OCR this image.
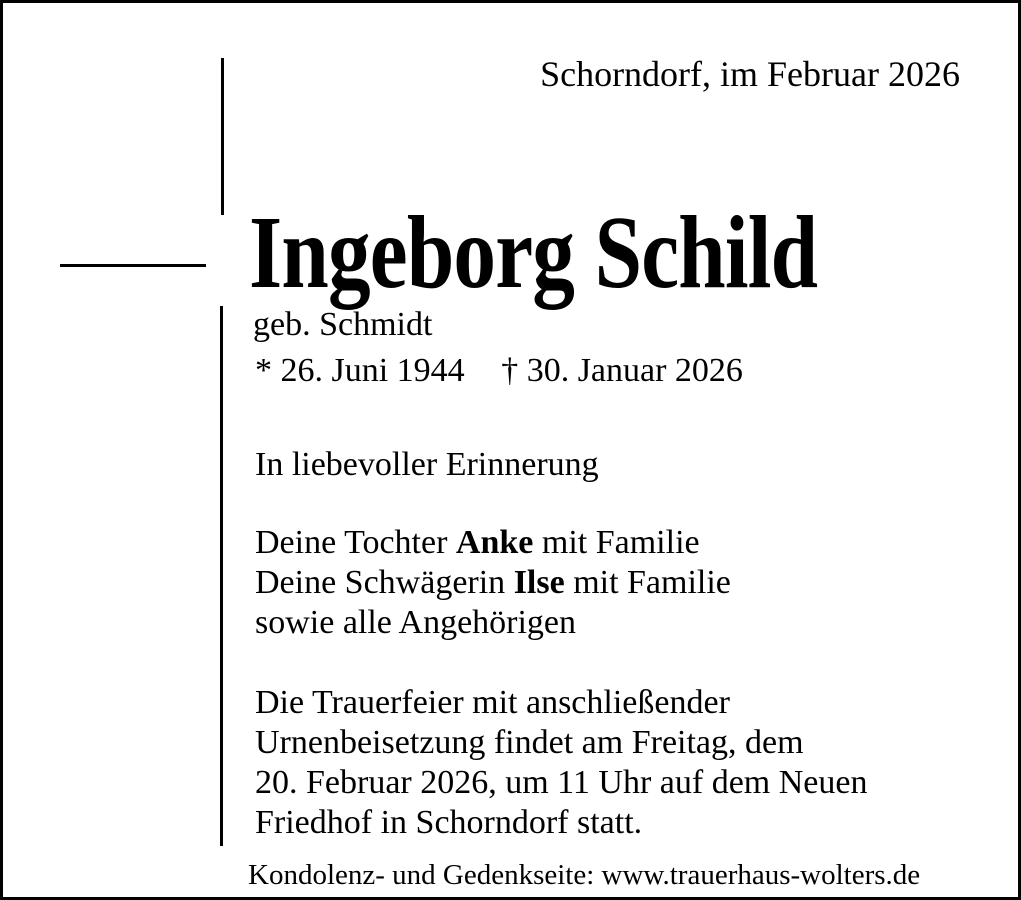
Schorndorf, im Februar 2026
Ingeborg Schild
geb. Schmidt
* 26. Juni 1944 † 30. Januar 2026
In liebevoller Erinnerung
Deine Tochter Anke mit Familie
Deine Schwägerin Ilse mit Familie
sowie alle Angehörigen
Die Trauerfeier mit anschließender
Urnenbeisetzung findet am Freitag, dem
20. Februar 2026, um 11 Uhr auf dem Neuen
Friedhof in Schorndorf statt.
Kondolenz- und Gedenkseite: www.trauerhaus-wolters.de
